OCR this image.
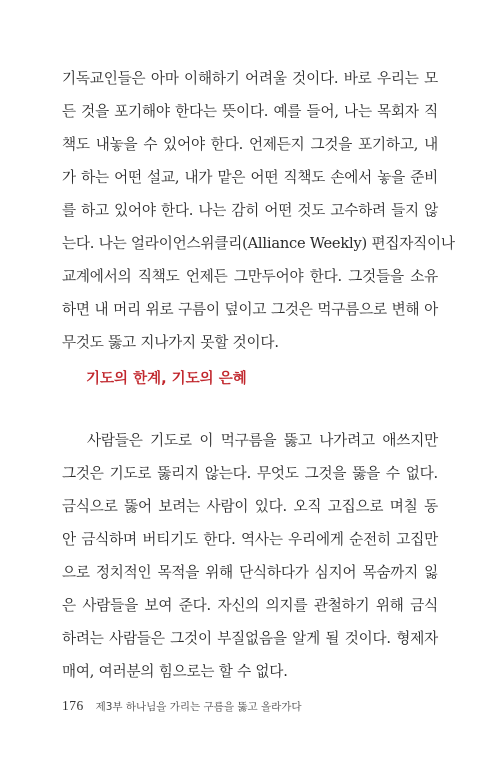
기독교인들은 아마 이해하기 어려울 것이다. 바로 우리는 모
든 것을 포기해야 한다는 뜻이다. 예를 들어, 나는 목회자 직
책도 내놓을 수 있어야 한다. 언제든지 그것을 포기하고, 내
가 하는 어떤 설교, 내가 맡은 어떤 직책도 손에서 놓을 준비
를 하고 있어야 한다. 나는 감히 어떤 것도 고수하려 들지 않
는다. 나는 얼라이언스위클리(Alliance Weekly) 편집자직이나
교계에서의 직책도 언제든 그만두어야 한다. 그것들을 소유
하면 내 머리 위로 구름이 덮이고 그것은 먹구름으로 변해 아
무것도 뚫고 지나가지 못할 것이다.
기도의 한계, 기도의 은혜
사람들은 기도로 이 먹구름을 뚫고 나가려고 애쓰지만
그것은 기도로 뚫리지 않는다. 무엇도 그것을 뚫을 수 없다.
금식으로 뚫어 보려는 사람이 있다. 오직 고집으로 며칠 동
안 금식하며 버티기도 한다. 역사는 우리에게 순전히 고집만
으로 정치적인 목적을 위해 단식하다가 심지어 목숨까지 잃
은 사람들을 보여 준다. 자신의 의지를 관철하기 위해 금식
하려는 사람들은 그것이 부질없음을 알게 될 것이다. 형제자
매여, 여러분의 힘으로는 할 수 없다.
176 제3부 하나님을 가리는 구름을 뚫고 올라가다
